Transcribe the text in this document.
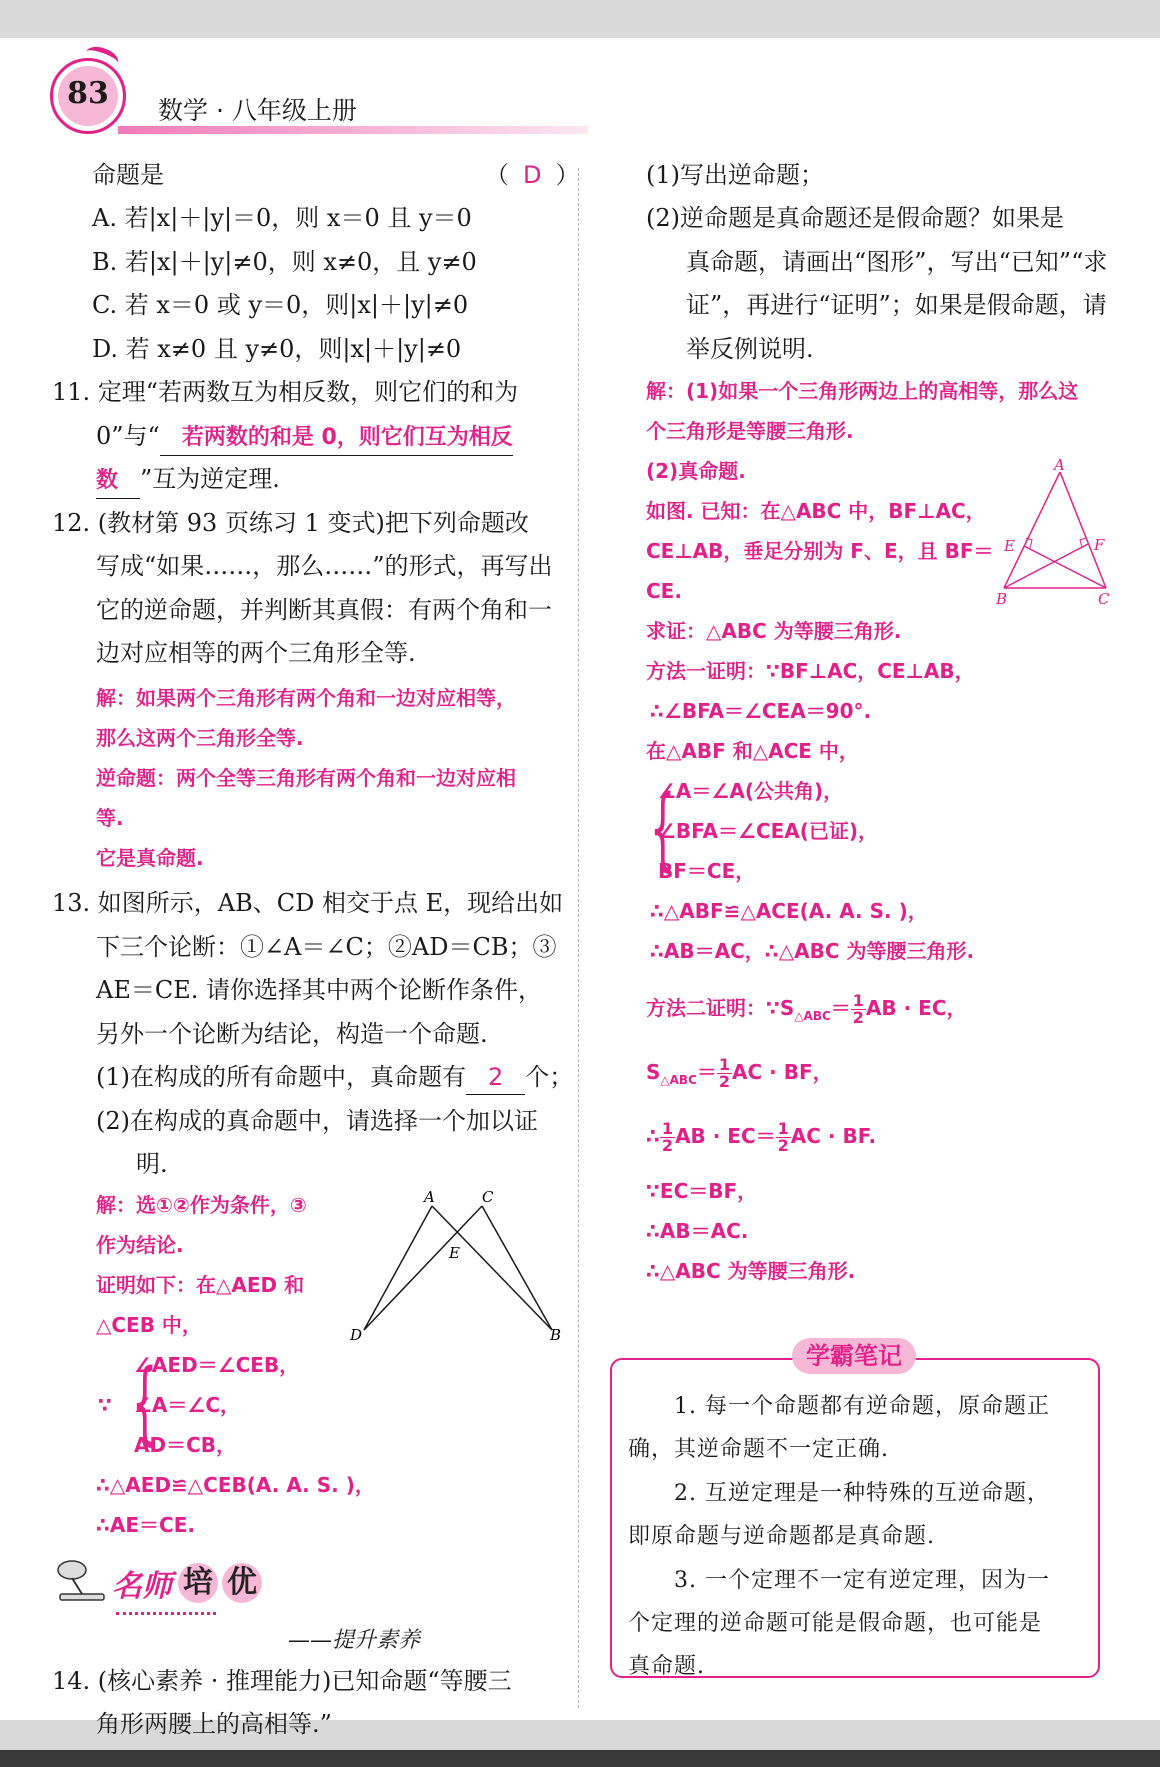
83	数学 · 八年级上册
命题是	（ D ）
A. 若|x|＋|y|＝0，则 x＝0 且 y＝0
B. 若|x|＋|y|≠0，则 x≠0，且 y≠0
C. 若 x＝0 或 y＝0，则|x|＋|y|≠0
D. 若 x≠0 且 y≠0，则|x|＋|y|≠0
11. 定理“若两数互为相反数，则它们的和为
0”与“ 若两数的和是 0，则它们互为相反
数 ”互为逆定理.
12. (教材第 93 页练习 1 变式)把下列命题改
写成“如果……，那么……”的形式，再写出
它的逆命题，并判断其真假：有两个角和一
边对应相等的两个三角形全等.
解：如果两个三角形有两个角和一边对应相等，
那么这两个三角形全等.
逆命题：两个全等三角形有两个角和一边对应相
等.
它是真命题.
13. 如图所示，AB、CD 相交于点 E，现给出如
下三个论断：①∠A＝∠C；②AD＝CB；③
AE＝CE. 请你选择其中两个论断作条件，
另外一个论断为结论，构造一个命题.
(1)在构成的所有命题中，真命题有 2 个；
(2)在构成的真命题中，请选择一个加以证
明.
解：选①②作为条件，③
作为结论.
证明如下：在△AED 和
△CEB 中，
∵ {
∠AED＝∠CEB，
∠A＝∠C，
AD＝CB，
∴△AED≌△CEB(A. A. S. )，
∴AE＝CE.
A	C
E
D	B
名师 培 优
——提升素养
14. (核心素养 · 推理能力)已知命题“等腰三
角形两腰上的高相等.”
(1)写出逆命题；
(2)逆命题是真命题还是假命题？如果是
真命题，请画出“图形”，写出“已知”“求
证”，再进行“证明”；如果是假命题，请
举反例说明.
解：(1)如果一个三角形两边上的高相等，那么这
个三角形是等腰三角形.
(2)真命题.
如图. 已知：在△ABC 中，BF⊥AC，
CE⊥AB，垂足分别为 F、E，且 BF＝
CE.
求证：△ABC 为等腰三角形.
方法一证明：∵BF⊥AC，CE⊥AB，
∴∠BFA＝∠CEA＝90°.
在△ABF 和△ACE 中，
{
∠A＝∠A(公共角)，
∠BFA＝∠CEA(已证)，
BF＝CE，
∴△ABF≌△ACE(A. A. S. )，
∴AB＝AC，∴△ABC 为等腰三角形.
方法二证明：$\because S_{\triangle ABC}= \frac{1}{2}$ AB · EC，
$S_{\triangle ABC}= \frac{1}{2}$ AC · BF，
∴ $\frac{1}{2}$ AB · $EC= \frac{1}{2}$ AC · BF.
∵EC＝BF，
∴AB＝AC.
∴△ABC 为等腰三角形.
A
E	F
B	C
学霸笔记
1. 每一个命题都有逆命题，原命题正
确，其逆命题不一定正确.
2. 互逆定理是一种特殊的互逆命题，
即原命题与逆命题都是真命题.
3. 一个定理不一定有逆定理，因为一
个定理的逆命题可能是假命题，也可能是
真命题.
